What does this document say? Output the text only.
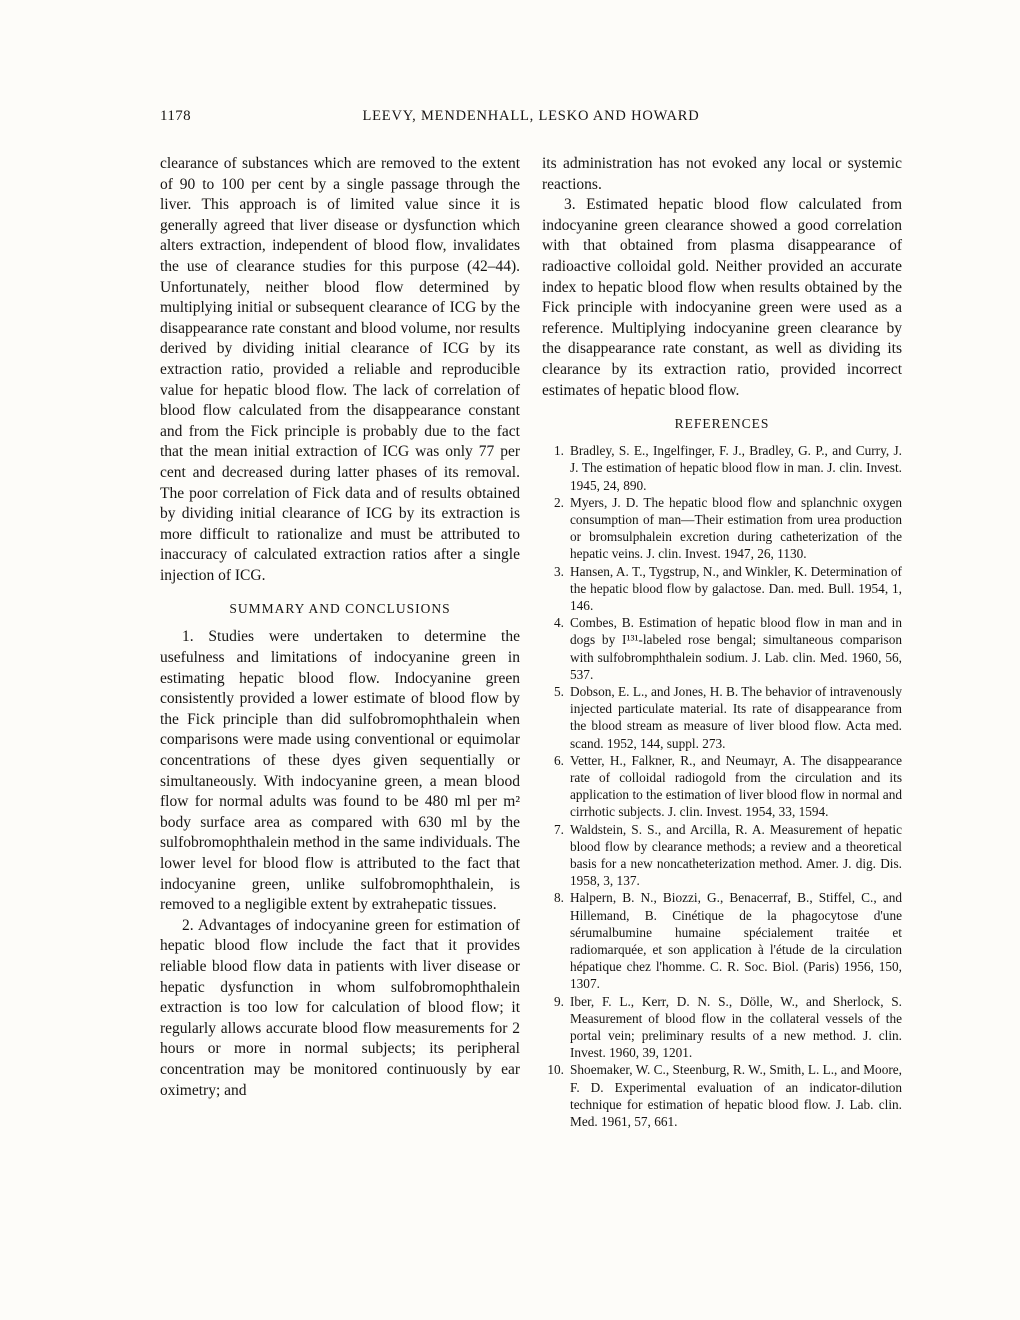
1178	LEEVY, MENDENHALL, LESKO AND HOWARD

clearance of substances which are removed to the extent of 90 to 100 per cent by a single passage through the liver. This approach is of limited value since it is generally agreed that liver disease or dysfunction which alters extraction, independent of blood flow, invalidates the use of clearance studies for this purpose (42–44). Unfortunately, neither blood flow determined by multiplying initial or subsequent clearance of ICG by the disappearance rate constant and blood volume, nor results derived by dividing initial clearance of ICG by its extraction ratio, provided a reliable and reproducible value for hepatic blood flow. The lack of correlation of blood flow calculated from the disappearance constant and from the Fick principle is probably due to the fact that the mean initial extraction of ICG was only 77 per cent and decreased during latter phases of its removal. The poor correlation of Fick data and of results obtained by dividing initial clearance of ICG by its extraction is more difficult to rationalize and must be attributed to inaccuracy of calculated extraction ratios after a single injection of ICG.

SUMMARY AND CONCLUSIONS

1. Studies were undertaken to determine the usefulness and limitations of indocyanine green in estimating hepatic blood flow. Indocyanine green consistently provided a lower estimate of blood flow by the Fick principle than did sulfobromophthalein when comparisons were made using conventional or equimolar concentrations of these dyes given sequentially or simultaneously. With indocyanine green, a mean blood flow for normal adults was found to be 480 ml per m² body surface area as compared with 630 ml by the sulfobromophthalein method in the same individuals. The lower level for blood flow is attributed to the fact that indocyanine green, unlike sulfobromophthalein, is removed to a negligible extent by extrahepatic tissues.

2. Advantages of indocyanine green for estimation of hepatic blood flow include the fact that it provides reliable blood flow data in patients with liver disease or hepatic dysfunction in whom sulfobromophthalein extraction is too low for calculation of blood flow; it regularly allows accurate blood flow measurements for 2 hours or more in normal subjects; its peripheral concentration may be monitored continuously by ear oximetry; and

its administration has not evoked any local or systemic reactions.

3. Estimated hepatic blood flow calculated from indocyanine green clearance showed a good correlation with that obtained from plasma disappearance of radioactive colloidal gold. Neither provided an accurate index to hepatic blood flow when results obtained by the Fick principle with indocyanine green were used as a reference. Multiplying indocyanine green clearance by the disappearance rate constant, as well as dividing its clearance by its extraction ratio, provided incorrect estimates of hepatic blood flow.

REFERENCES
1. Bradley, S. E., Ingelfinger, F. J., Bradley, G. P., and Curry, J. J. The estimation of hepatic blood flow in man. J. clin. Invest. 1945, 24, 890.
2. Myers, J. D. The hepatic blood flow and splanchnic oxygen consumption of man—Their estimation from urea production or bromsulphalein excretion during catheterization of the hepatic veins. J. clin. Invest. 1947, 26, 1130.
3. Hansen, A. T., Tygstrup, N., and Winkler, K. Determination of the hepatic blood flow by galactose. Dan. med. Bull. 1954, 1, 146.
4. Combes, B. Estimation of hepatic blood flow in man and in dogs by I¹³¹-labeled rose bengal; simultaneous comparison with sulfobromphthalein sodium. J. Lab. clin. Med. 1960, 56, 537.
5. Dobson, E. L., and Jones, H. B. The behavior of intravenously injected particulate material. Its rate of disappearance from the blood stream as measure of liver blood flow. Acta med. scand. 1952, 144, suppl. 273.
6. Vetter, H., Falkner, R., and Neumayr, A. The disappearance rate of colloidal radiogold from the circulation and its application to the estimation of liver blood flow in normal and cirrhotic subjects. J. clin. Invest. 1954, 33, 1594.
7. Waldstein, S. S., and Arcilla, R. A. Measurement of hepatic blood flow by clearance methods; a review and a theoretical basis for a new noncatheterization method. Amer. J. dig. Dis. 1958, 3, 137.
8. Halpern, B. N., Biozzi, G., Benacerraf, B., Stiffel, C., and Hillemand, B. Cinétique de la phagocytose d'une sérumalbumine humaine spécialement traitée et radiomarquée, et son application à l'étude de la circulation hépatique chez l'homme. C. R. Soc. Biol. (Paris) 1956, 150, 1307.
9. Iber, F. L., Kerr, D. N. S., Dölle, W., and Sherlock, S. Measurement of blood flow in the collateral vessels of the portal vein; preliminary results of a new method. J. clin. Invest. 1960, 39, 1201.
10. Shoemaker, W. C., Steenburg, R. W., Smith, L. L., and Moore, F. D. Experimental evaluation of an indicator-dilution technique for estimation of hepatic blood flow. J. Lab. clin. Med. 1961, 57, 661.
